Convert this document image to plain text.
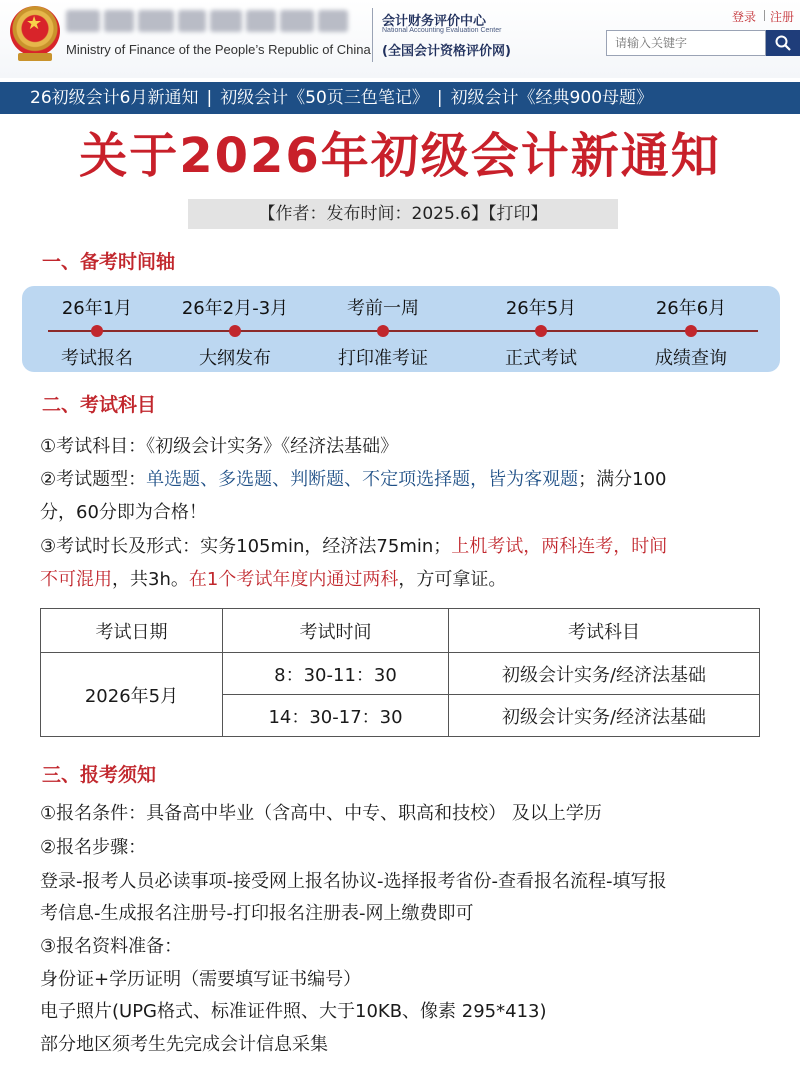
★
Ministry of Finance of the People’s Republic of China
会计财务评价中心
National Accounting Evaluation Center
(全国会计资格评价网)
登录 注册
请输入关键字
26初级会计6月新通知 | 初级会计《50页三色笔记》 | 初级会计《经典900母题》
关于2026年初级会计新通知
【作者：发布时间：2025.6】【打印】
一、备考时间轴
26年1月
考试报名
26年2月-3月
大纲发布
考前一周
打印准考证
26年5月
正式考试
26年6月
成绩查询
二、考试科目
①考试科目：《初级会计实务》《经济法基础》
②考试题型：单选题、多选题、判断题、不定项选择题，皆为客观题；满分100
分，60分即为合格！
③考试时长及形式：实务105min，经济法75min；上机考试，两科连考，时间
不可混用，共3h。在1个考试年度内通过两科，方可拿证。
考试日期	考试时间	考试科目
2026年5月	8：30-11：30	初级会计实务/经济法基础
	14：30-17：30	初级会计实务/经济法基础
三、报考须知
①报名条件：具备高中毕业（含高中、中专、职高和技校） 及以上学历
②报名步骤：
登录-报考人员必读事项-接受网上报名协议-选择报考省份-查看报名流程-填写报
考信息-生成报名注册号-打印报名注册表-网上缴费即可
③报名资料准备：
身份证+学历证明（需要填写证书编号）
电子照片(UPG格式、标准证件照、大于10KB、像素 295*413)
部分地区须考生先完成会计信息采集
